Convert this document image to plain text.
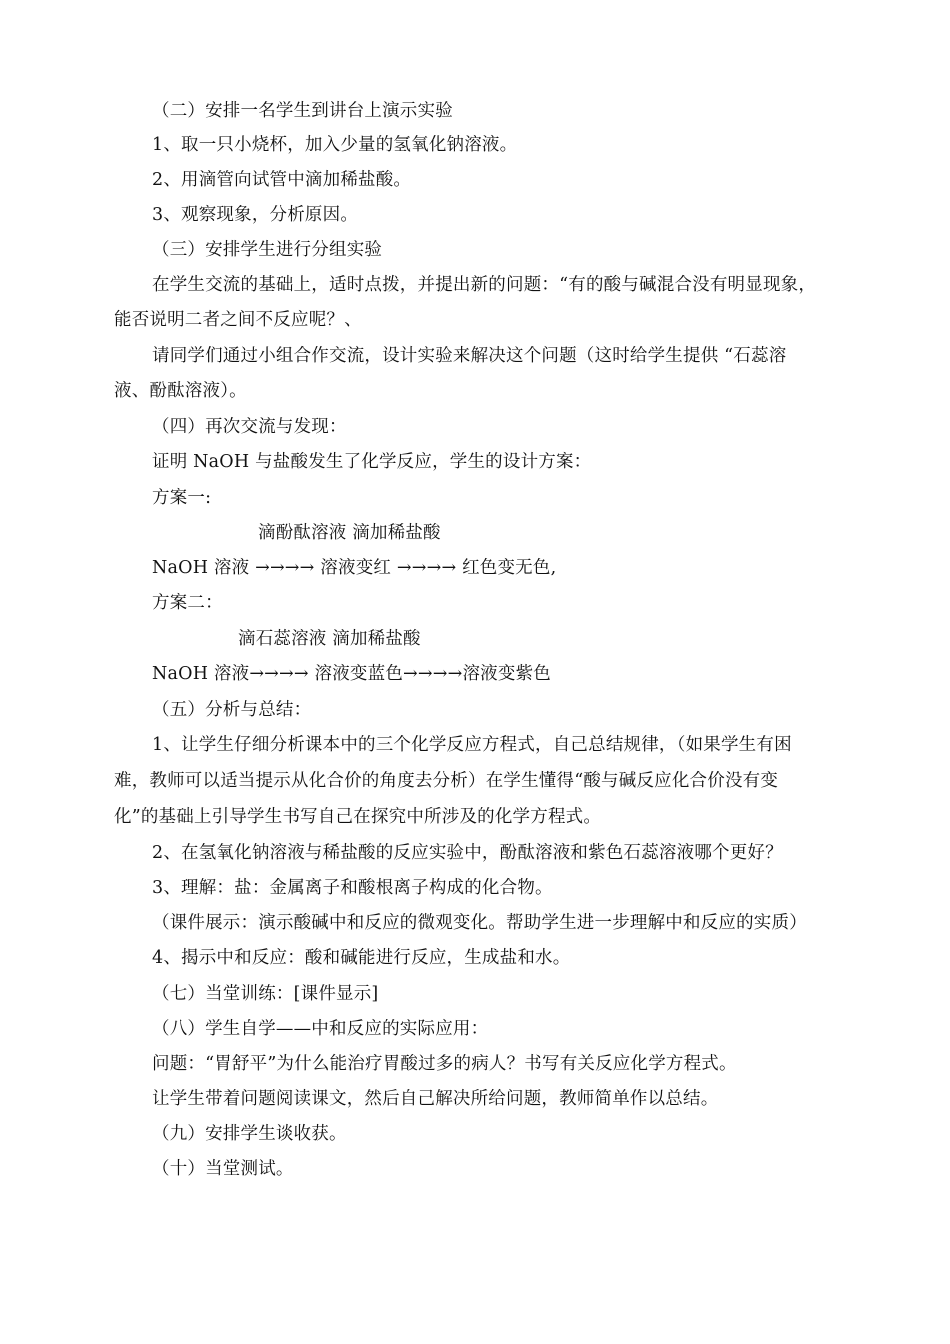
（二）安排一名学生到讲台上演示实验
1、取一只小烧杯，加入少量的氢氧化钠溶液。
2、用滴管向试管中滴加稀盐酸。
3、观察现象，分析原因。
（三）安排学生进行分组实验
在学生交流的基础上，适时点拨，并提出新的问题：“有的酸与碱混合没有明显现象，
能否说明二者之间不反应呢？、
请同学们通过小组合作交流，设计实验来解决这个问题（这时给学生提供 “石蕊溶
液、酚酞溶液）。
（四）再次交流与发现：
证明 NaOH 与盐酸发生了化学反应，学生的设计方案：
方案一:
滴酚酞溶液 滴加稀盐酸
NaOH 溶液 →→→→ 溶液变红 →→→→ 红色变无色,
方案二：
滴石蕊溶液 滴加稀盐酸
NaOH 溶液→→→→ 溶液变蓝色→→→→溶液变紫色
（五）分析与总结：
1、让学生仔细分析课本中的三个化学反应方程式，自己总结规律，（如果学生有困
难，教师可以适当提示从化合价的角度去分析）在学生懂得“酸与碱反应化合价没有变
化”的基础上引导学生书写自己在探究中所涉及的化学方程式。
2、在氢氧化钠溶液与稀盐酸的反应实验中，酚酞溶液和紫色石蕊溶液哪个更好？
3、理解：盐：金属离子和酸根离子构成的化合物。
（课件展示：演示酸碱中和反应的微观变化。帮助学生进一步理解中和反应的实质）
4、揭示中和反应：酸和碱能进行反应，生成盐和水。
（七）当堂训练：[课件显示]
（八）学生自学——中和反应的实际应用：
问题：“胃舒平”为什么能治疗胃酸过多的病人？书写有关反应化学方程式。
让学生带着问题阅读课文，然后自己解决所给问题，教师简单作以总结。
（九）安排学生谈收获。
（十）当堂测试。
